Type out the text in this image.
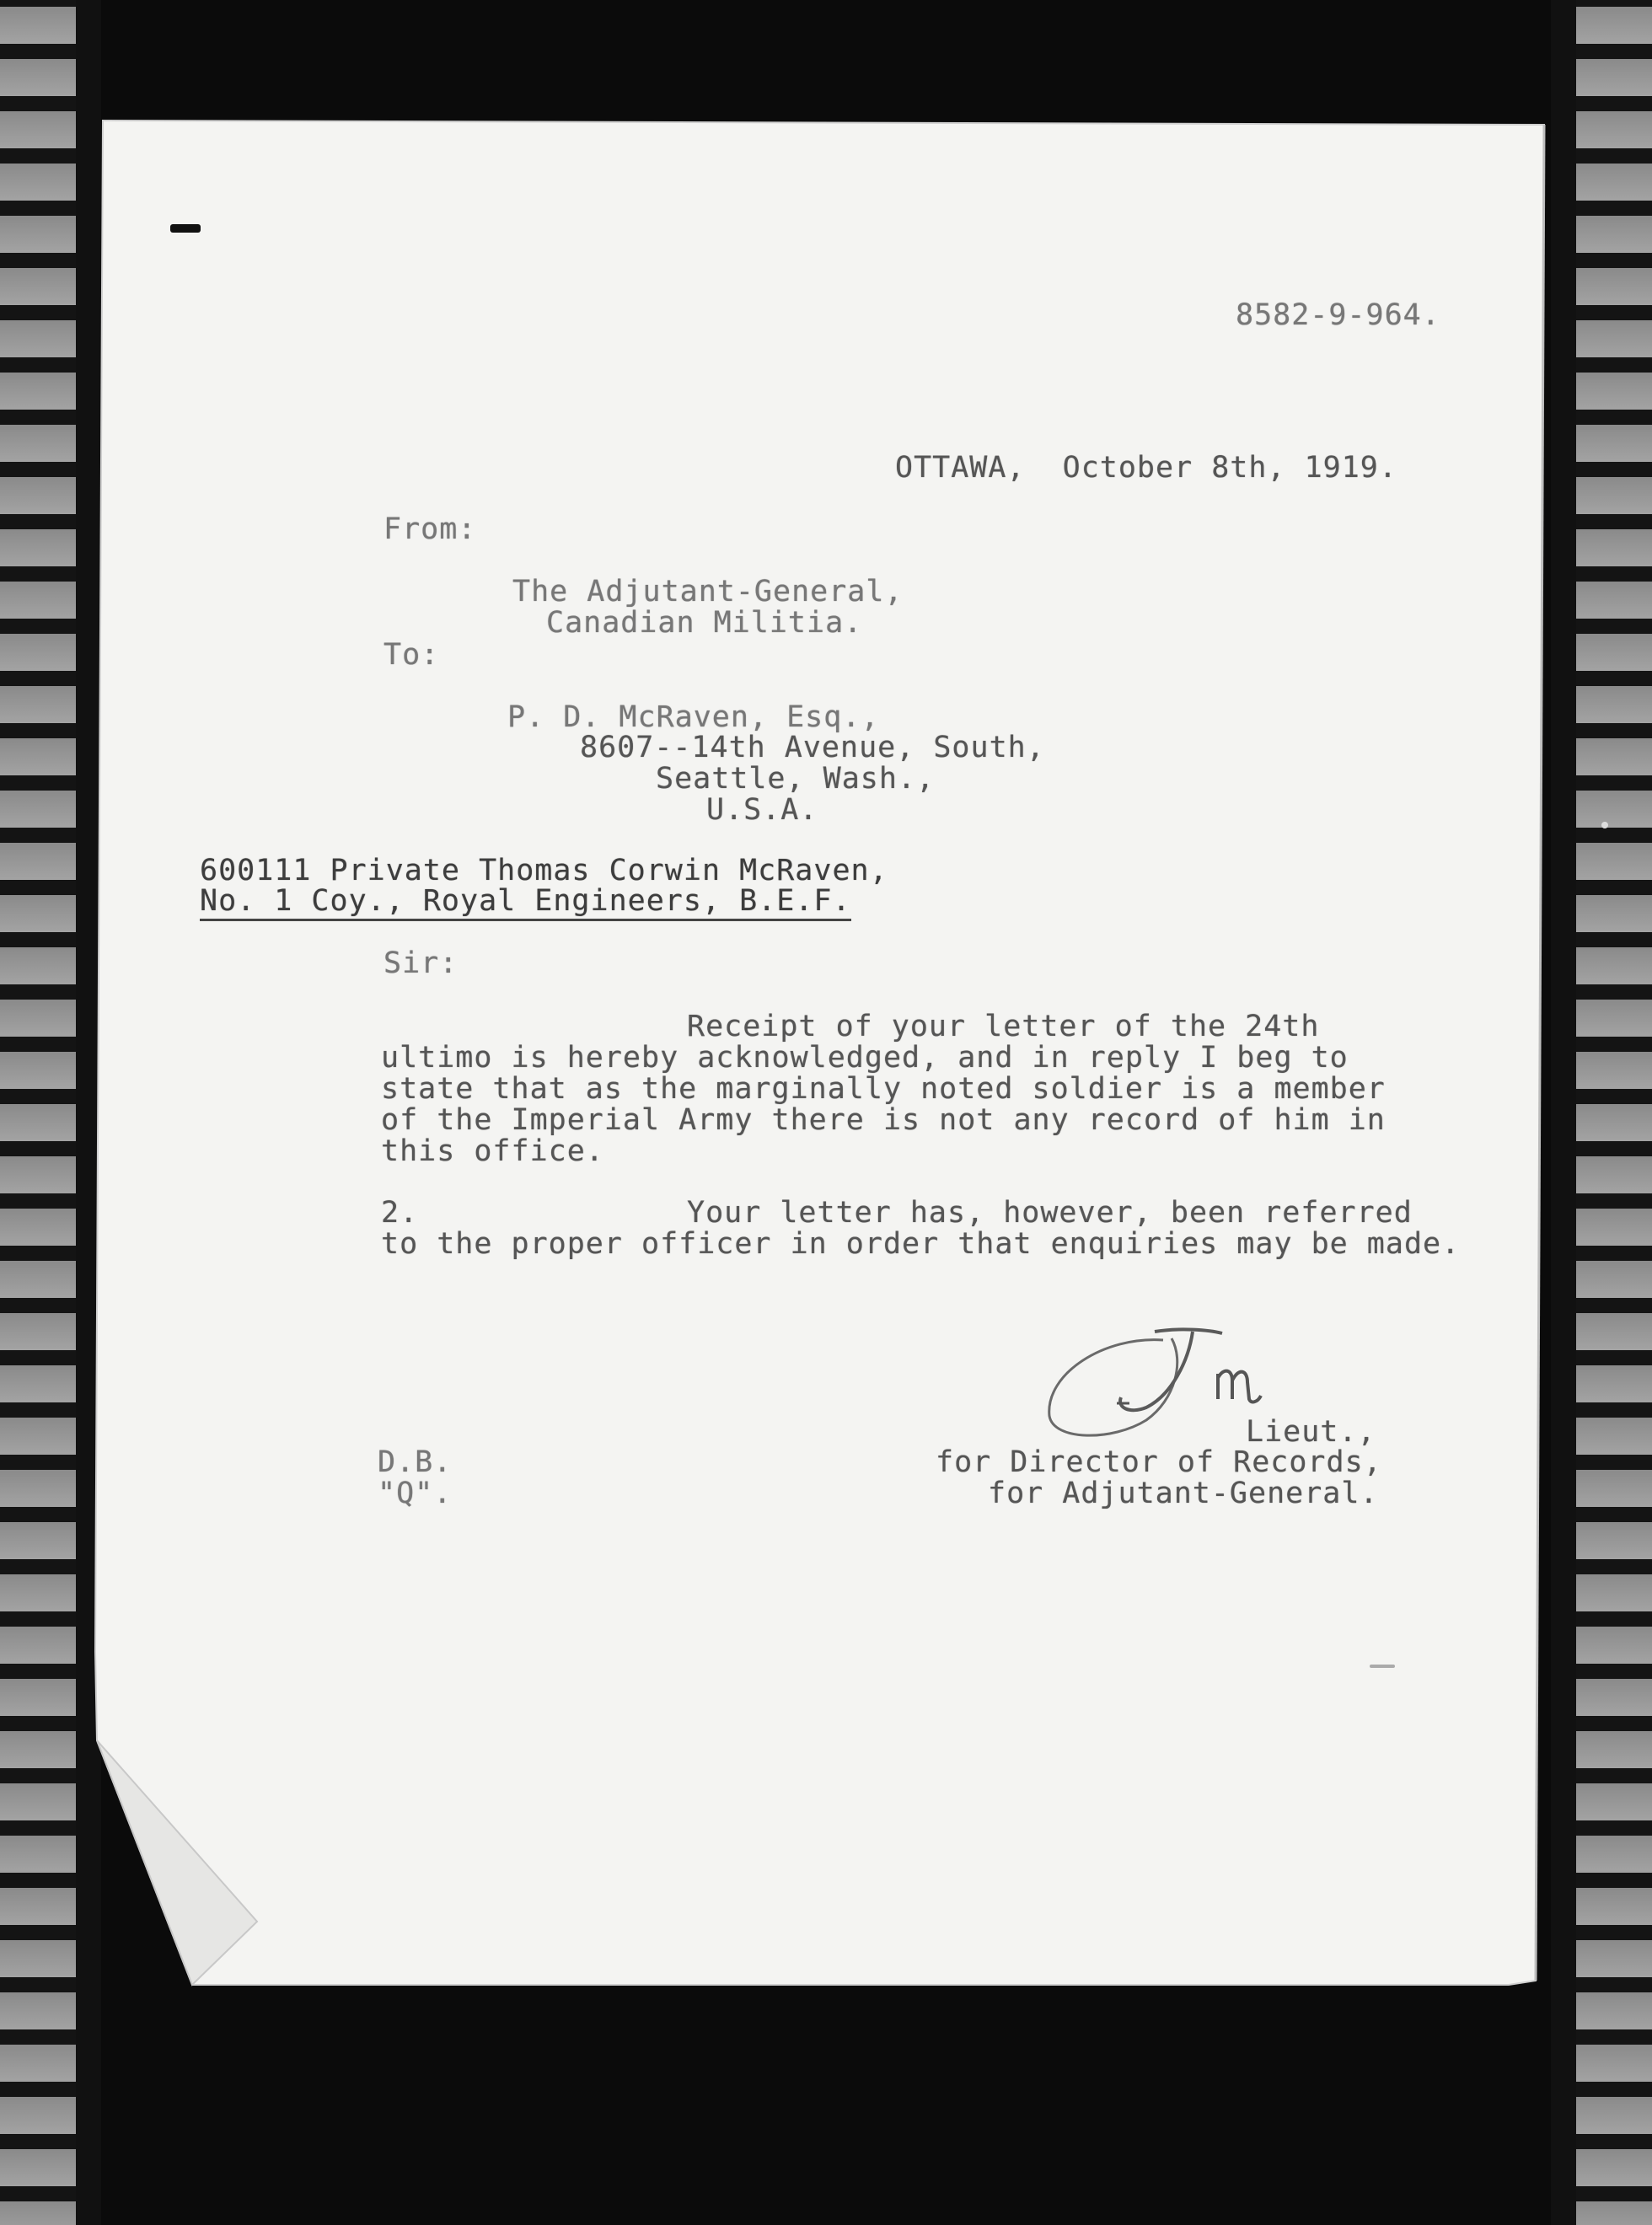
8582-9-964.
OTTAWA,  October 8th, 1919.
From:
The Adjutant-General,
Canadian Militia.
To:
P. D. McRaven, Esq.,
8607--14th Avenue, South,
Seattle, Wash.,
U.S.A.
600111 Private Thomas Corwin McRaven,
No. 1 Coy., Royal Engineers, B.E.F.
Sir:
Receipt of your letter of the 24th
ultimo is hereby acknowledged, and in reply I beg to
state that as the marginally noted soldier is a member
of the Imperial Army there is not any record of him in
this office.
2.	Your letter has, however, been referred
to the proper officer in order that enquiries may be made.
Lieut.,
for Director of Records,
for Adjutant-General.
D.B.
"Q".
